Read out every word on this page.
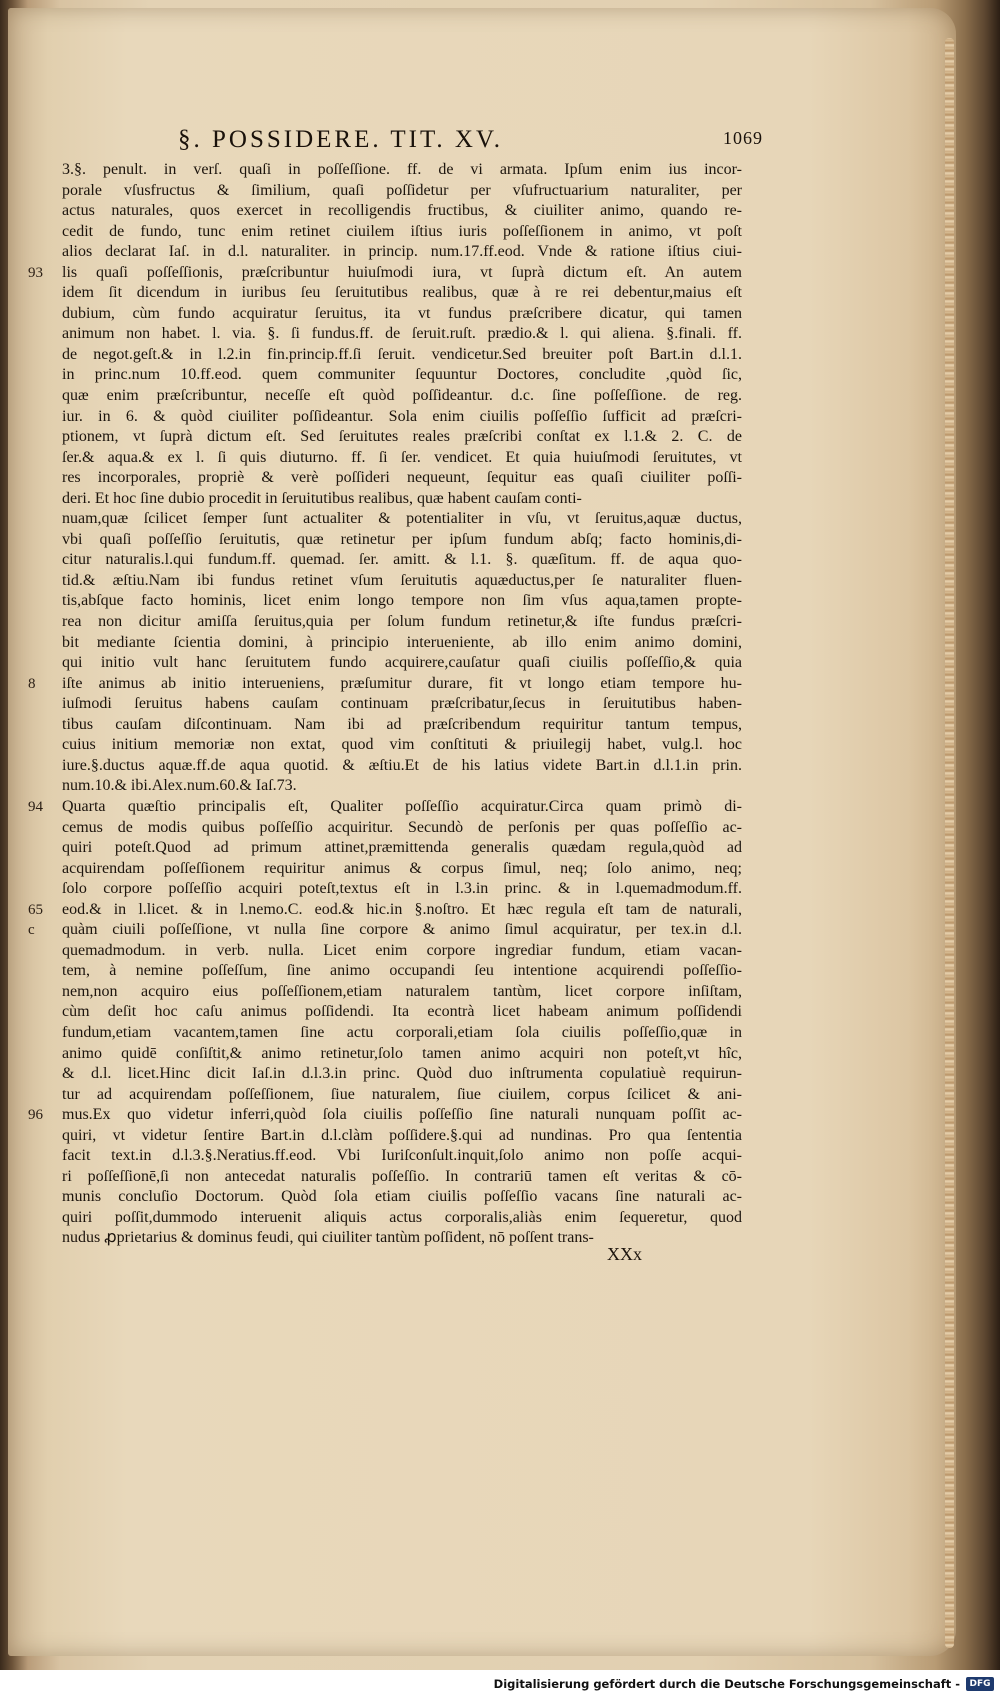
§. POSSIDERE. TIT. XV.	1069
3.§. penult. in verſ. quaſi in poſſeſſione. ff. de vi armata. Ipſum enim ius incor-
porale vſusfructus & ſimilium, quaſi poſſidetur per vſufructuarium naturaliter, per
actus naturales, quos exercet in recolligendis fructibus, & ciuiliter animo, quando re-
cedit de fundo, tunc enim retinet ciuilem iſtius iuris poſſeſſionem in animo, vt poſt
alios declarat Iaſ. in d.l. naturaliter. in princip. num.17.ff.eod. Vnde & ratione iſtius ciui-
lis quaſi poſſeſſionis, præſcribuntur huiuſmodi iura, vt ſuprà dictum eſt. An autem
93
idem ſit dicendum in iuribus ſeu ſeruitutibus realibus, quæ à re rei debentur,maius eſt
dubium, cùm fundo acquiratur ſeruitus, ita vt fundus præſcribere dicatur, qui tamen
animum non habet. l. via. §. ſi fundus.ff. de ſeruit.ruſt. prædio.& l. qui aliena. §.finali. ff.
de negot.geſt.& in l.2.in fin.princip.ff.ſi ſeruit. vendicetur.Sed breuiter poſt Bart.in d.l.1.
in princ.num 10.ff.eod. quem communiter ſequuntur Doctores, concludite ,quòd ſic,
quæ enim præſcribuntur, neceſſe eſt quòd poſſideantur. d.c. ſine poſſeſſione. de reg.
iur. in 6. & quòd ciuiliter poſſideantur. Sola enim ciuilis poſſeſſio ſufficit ad præſcri-
ptionem, vt ſuprà dictum eſt. Sed ſeruitutes reales præſcribi conſtat ex l.1.& 2. C. de
ſer.& aqua.& ex l. ſi quis diuturno. ff. ſi ſer. vendicet. Et quia huiuſmodi ſeruitutes, vt
res incorporales, propriè & verè poſſideri nequeunt, ſequitur eas quaſi ciuiliter poſſi-
deri. Et hoc ſine dubio procedit in ſeruitutibus realibus, quæ habent cauſam conti-
nuam,quæ ſcilicet ſemper ſunt actualiter & potentialiter in vſu, vt ſeruitus,aquæ ductus,
vbi quaſi poſſeſſio ſeruitutis, quæ retinetur per ipſum fundum abſq; facto hominis,di-
citur naturalis.l.qui fundum.ff. quemad. ſer. amitt. & l.1. §. quæſitum. ff. de aqua quo-
tid.& æſtiu.Nam ibi fundus retinet vſum ſeruitutis aquæductus,per ſe naturaliter fluen-
tis,abſque facto hominis, licet enim longo tempore non ſim vſus aqua,tamen propte-
rea non dicitur amiſſa ſeruitus,quia per ſolum fundum retinetur,& iſte fundus præſcri-
bit mediante ſcientia domini, à principio interueniente, ab illo enim animo domini,
qui initio vult hanc ſeruitutem fundo acquirere,cauſatur quaſi ciuilis poſſeſſio,& quia
iſte animus ab initio interueniens, præſumitur durare, fit vt longo etiam tempore hu-
8
iuſmodi ſeruitus habens cauſam continuam præſcribatur,ſecus in ſeruitutibus haben-
tibus cauſam diſcontinuam. Nam ibi ad præſcribendum requiritur tantum tempus,
cuius initium memoriæ non extat, quod vim conſtituti & priuilegij habet, vulg.l. hoc
iure.§.ductus aquæ.ff.de aqua quotid. & æſtiu.Et de his latius videte Bart.in d.l.1.in prin.
num.10.& ibi.Alex.num.60.& Iaſ.73.
Quarta quæſtio principalis eſt, Qualiter poſſeſſio acquiratur.Circa quam primò di-
94
cemus de modis quibus poſſeſſio acquiritur. Secundò de perſonis per quas poſſeſſio ac-
quiri poteſt.Quod ad primum attinet,præmittenda generalis quædam regula,quòd ad
acquirendam poſſeſſionem requiritur animus & corpus ſimul, neq; ſolo animo, neq;
ſolo corpore poſſeſſio acquiri poteſt,textus eſt in l.3.in princ. & in l.quemadmodum.ff.
eod.& in l.licet. & in l.nemo.C. eod.& hic.in §.noſtro. Et hæc regula eſt tam de naturali,
65
quàm ciuili poſſeſſione, vt nulla ſine corpore & animo ſimul acquiratur, per tex.in d.l.
c
quemadmodum. in verb. nulla. Licet enim corpore ingrediar fundum, etiam vacan-
tem, à nemine poſſeſſum, ſine animo occupandi ſeu intentione acquirendi poſſeſſio-
nem,non acquiro eius poſſeſſionem,etiam naturalem tantùm, licet corpore inſiſtam,
cùm deſit hoc caſu animus poſſidendi. Ita econtrà licet habeam animum poſſidendi
fundum,etiam vacantem,tamen ſine actu corporali,etiam ſola ciuilis poſſeſſio,quæ in
animo quidē conſiſtit,& animo retinetur,ſolo tamen animo acquiri non poteſt,vt hîc,
& d.l. licet.Hinc dicit Iaſ.in d.l.3.in princ. Quòd duo inſtrumenta copulatiuè requirun-
tur ad acquirendam poſſeſſionem, ſiue naturalem, ſiue ciuilem, corpus ſcilicet & ani-
mus.Ex quo videtur inferri,quòd ſola ciuilis poſſeſſio ſine naturali nunquam poſſit ac-
96
quiri, vt videtur ſentire Bart.in d.l.clàm poſſidere.§.qui ad nundinas. Pro qua ſententia
facit text.in d.l.3.§.Neratius.ff.eod. Vbi Iuriſconſult.inquit,ſolo animo non poſſe acqui-
ri poſſeſſionē,ſi non antecedat naturalis poſſeſſio. In contrariū tamen eſt veritas & cō-
munis concluſio Doctorum. Quòd ſola etiam ciuilis poſſeſſio vacans ſine naturali ac-
quiri poſſit,dummodo interuenit aliquis actus corporalis,aliàs enim ſequeretur, quod
nudus ꝓprietarius & dominus feudi, qui ciuiliter tantùm poſſident, nō poſſent trans-
XXx
Digitalisierung gefördert durch die Deutsche Forschungsgemeinschaft -	DFG
